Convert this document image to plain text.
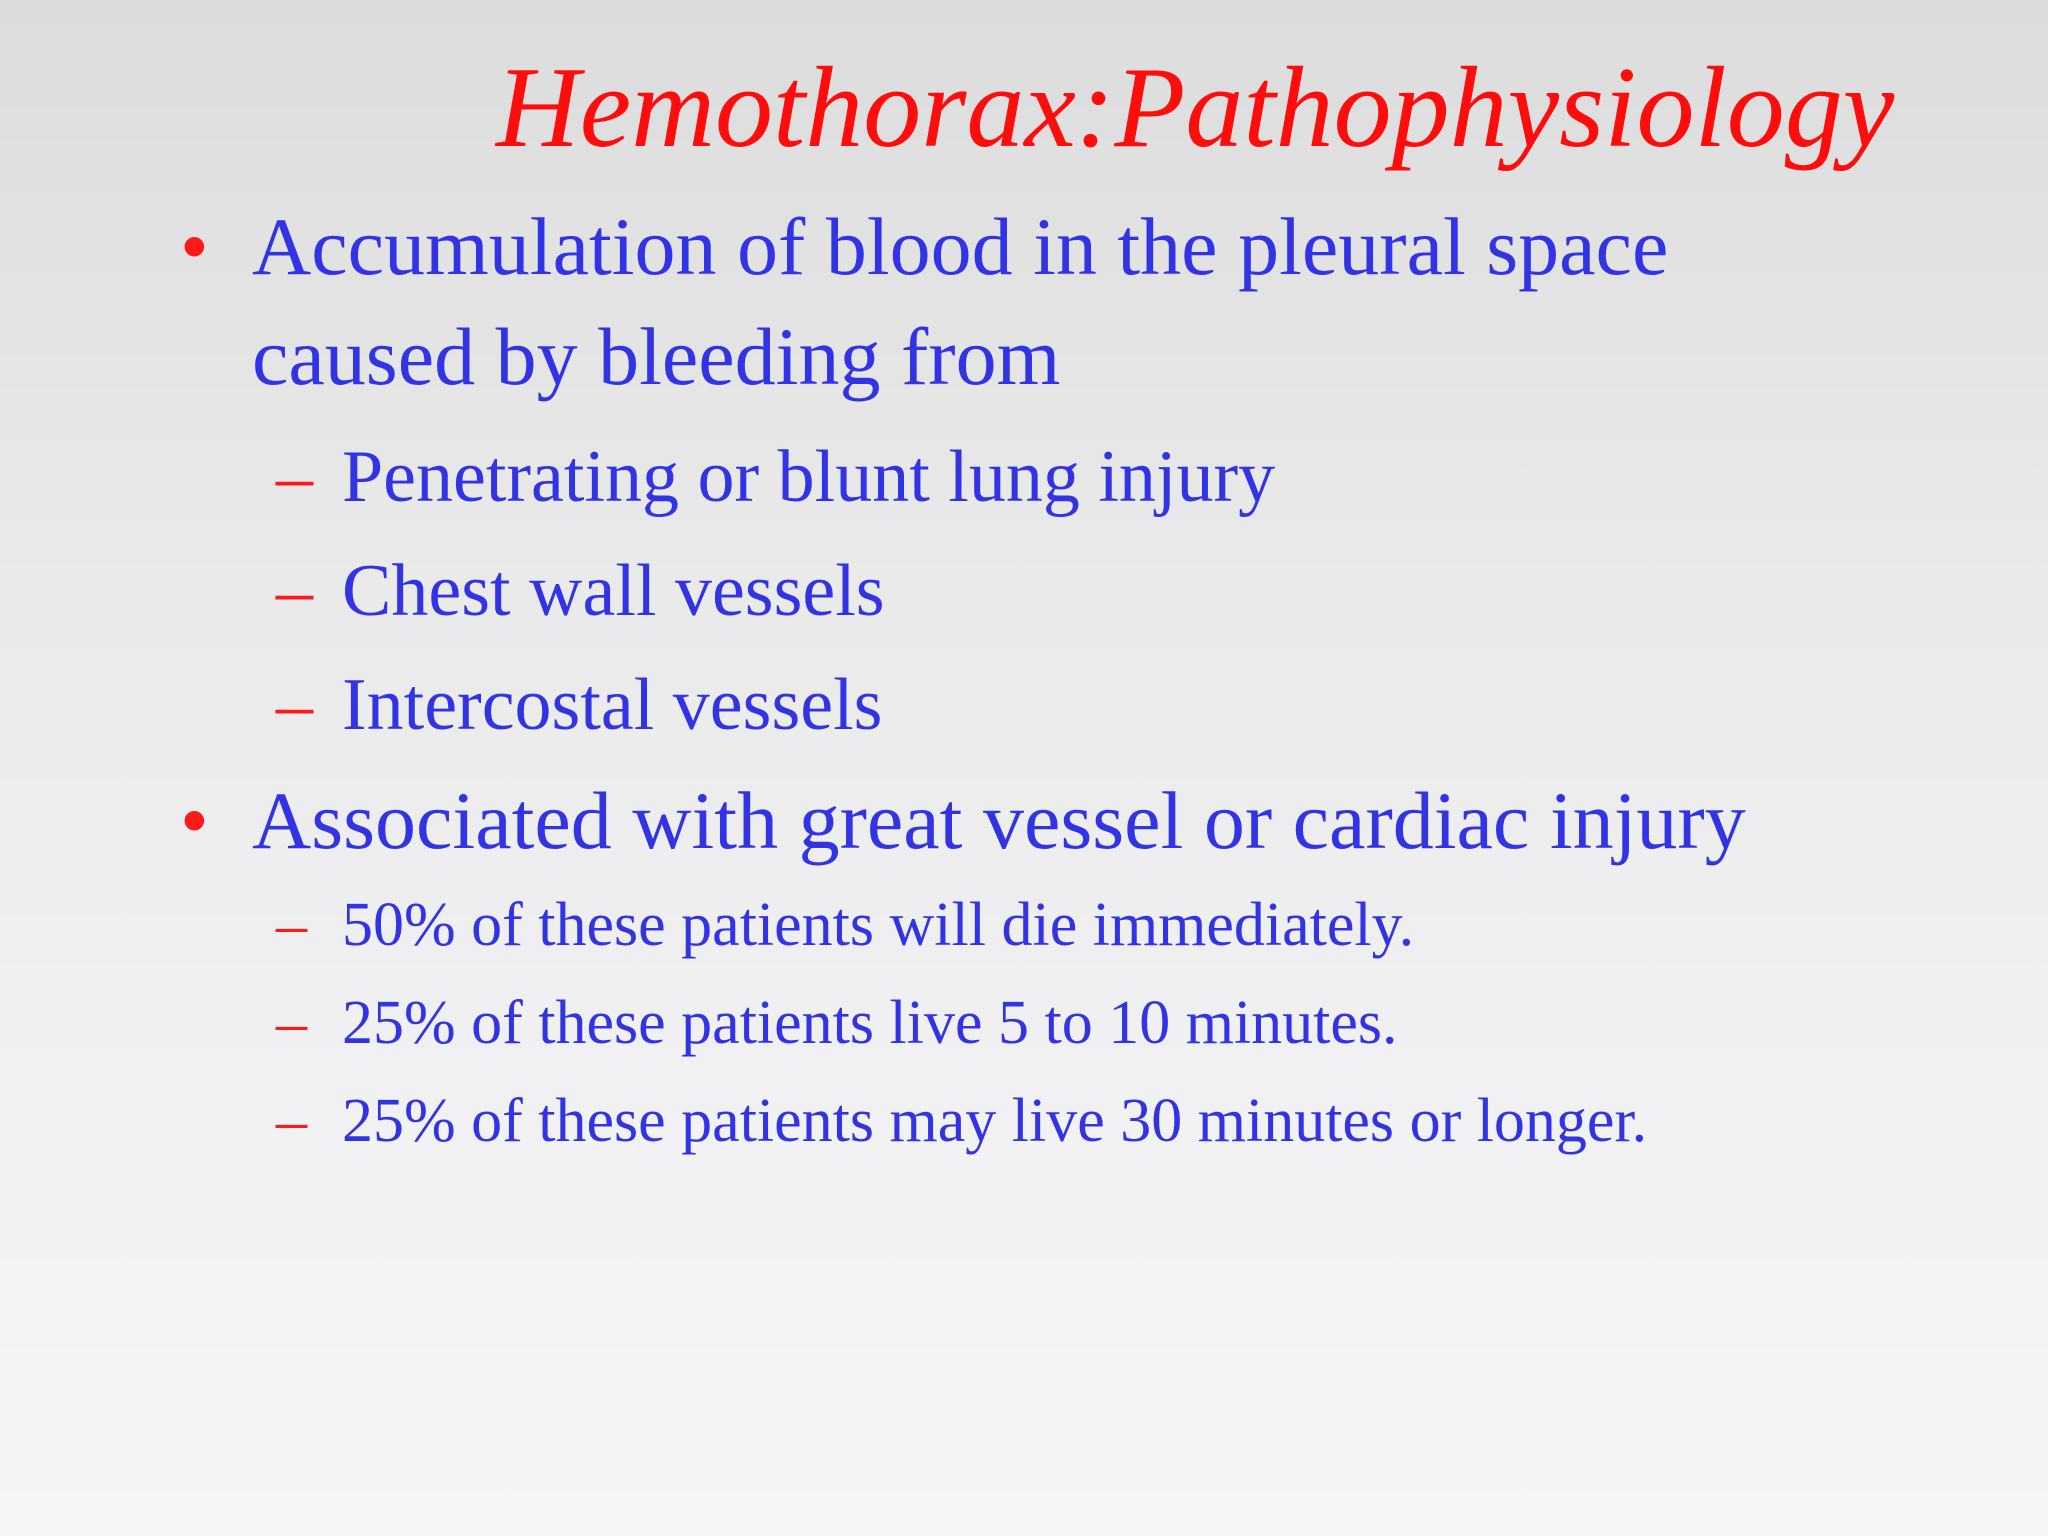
Hemothorax:Pathophysiology
• Accumulation of blood in the pleural space
caused by bleeding from
– Penetrating or blunt lung injury
– Chest wall vessels
– Intercostal vessels
• Associated with great vessel or cardiac injury
– 50% of these patients will die immediately.
– 25% of these patients live 5 to 10 minutes.
– 25% of these patients may live 30 minutes or longer.
